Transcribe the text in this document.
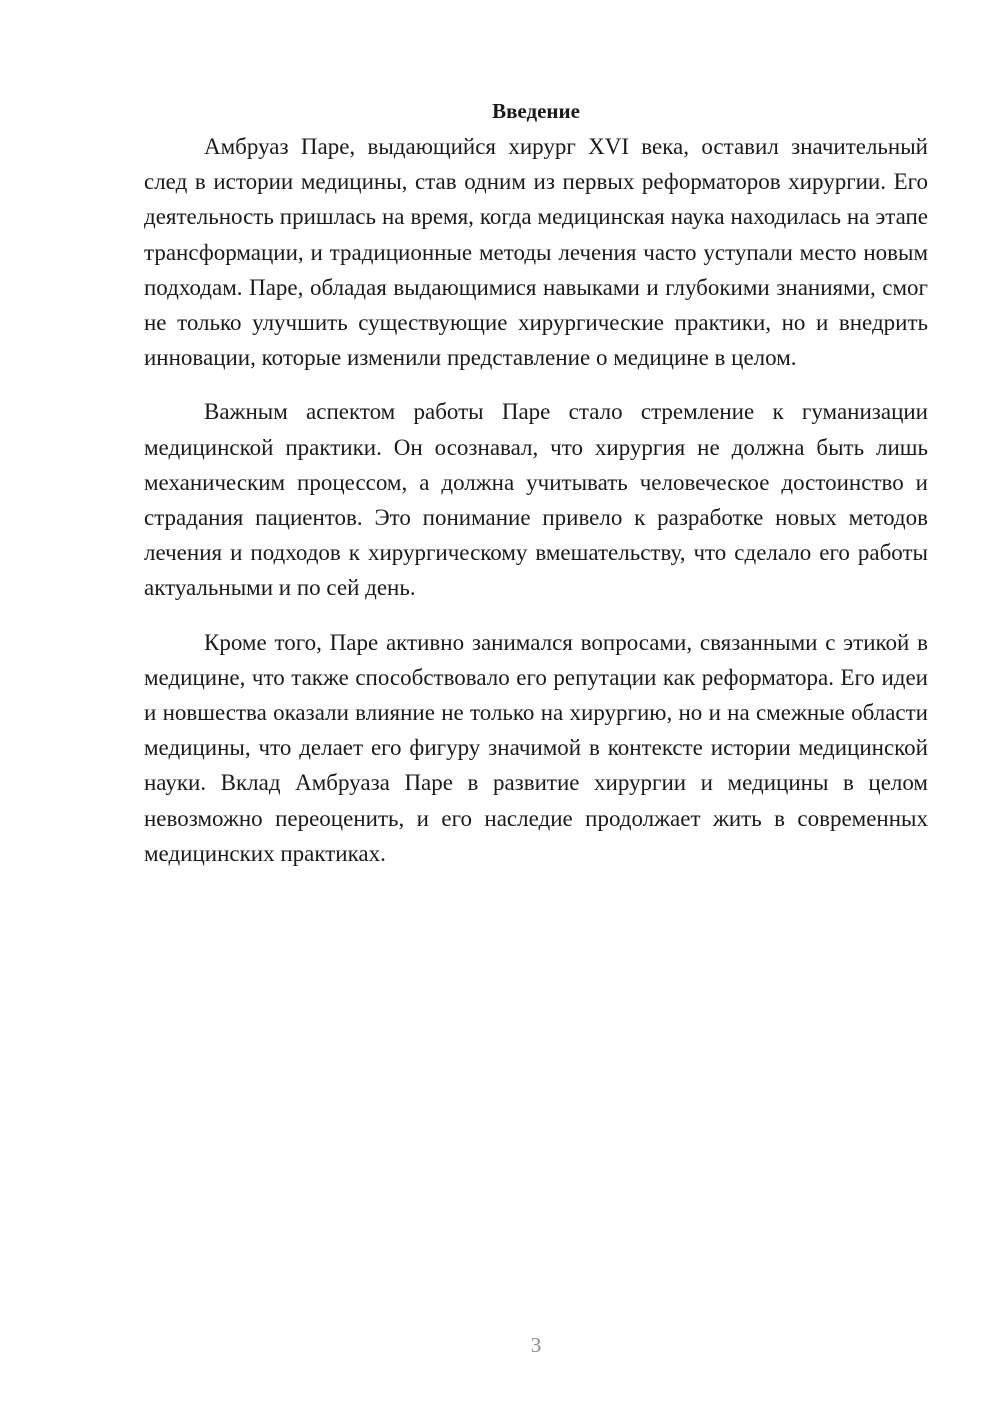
Введение

Амбруаз Паре, выдающийся хирург XVI века, оставил значительный след в истории медицины, став одним из первых реформаторов хирургии. Его деятельность пришлась на время, когда медицинская наука находилась на этапе трансформации, и традиционные методы лечения часто уступали место новым подходам. Паре, обладая выдающимися навыками и глубокими знаниями, смог не только улучшить существующие хирургические практики, но и внедрить инновации, которые изменили представление о медицине в целом.

Важным аспектом работы Паре стало стремление к гуманизации медицинской практики. Он осознавал, что хирургия не должна быть лишь механическим процессом, а должна учитывать человеческое достоинство и страдания пациентов. Это понимание привело к разработке новых методов лечения и подходов к хирургическому вмешательству, что сделало его работы актуальными и по сей день.

Кроме того, Паре активно занимался вопросами, связанными с этикой в медицине, что также способствовало его репутации как реформатора. Его идеи и новшества оказали влияние не только на хирургию, но и на смежные области медицины, что делает его фигуру значимой в контексте истории медицинской науки. Вклад Амбруаза Паре в развитие хирургии и медицины в целом невозможно переоценить, и его наследие продолжает жить в современных медицинских практиках.

3
